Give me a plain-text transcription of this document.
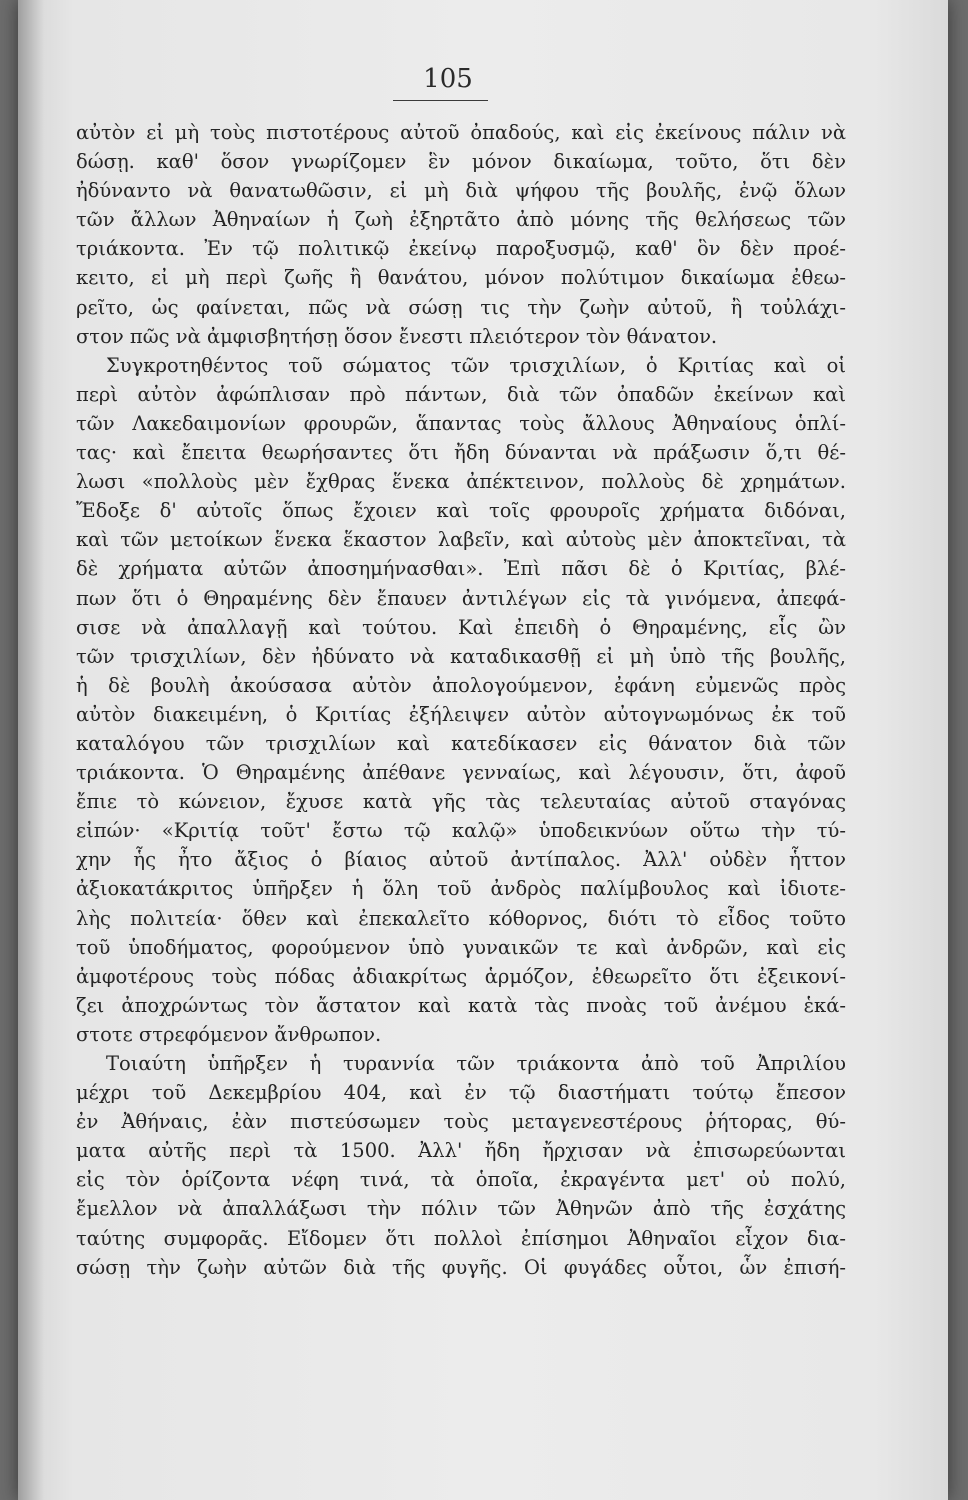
105
αὐτὸν εἰ μὴ τοὺς πιστοτέρους αὐτοῦ ὀπαδούς, καὶ εἰς ἐκείνους πάλιν νὰ
δώσῃ. καθ' ὅσον γνωρίζομεν ἓν μόνον δικαίωμα, τοῦτο, ὅτι δὲν
ἠδύναντο νὰ θανατωθῶσιν, εἰ μὴ διὰ ψήφου τῆς βουλῆς, ἐνῷ ὅλων
τῶν ἄλλων Ἀθηναίων ἡ ζωὴ ἐξηρτᾶτο ἀπὸ μόνης τῆς θελήσεως τῶν
τριάκοντα. Ἐν τῷ πολιτικῷ ἐκείνῳ παροξυσμῷ, καθ' ὃν δὲν προέ-
κειτο, εἰ μὴ περὶ ζωῆς ἢ θανάτου, μόνον πολύτιμον δικαίωμα ἐθεω-
ρεῖτο, ὡς φαίνεται, πῶς νὰ σώσῃ τις τὴν ζωὴν αὐτοῦ, ἢ τοὐλάχι-
στον πῶς νὰ ἀμφισβητήσῃ ὅσον ἔνεστι πλειότερον τὸν θάνατον.
Συγκροτηθέντος τοῦ σώματος τῶν τρισχιλίων, ὁ Κριτίας καὶ οἱ
περὶ αὐτὸν ἀφώπλισαν πρὸ πάντων, διὰ τῶν ὀπαδῶν ἐκείνων καὶ
τῶν Λακεδαιμονίων φρουρῶν, ἅπαντας τοὺς ἄλλους Ἀθηναίους ὁπλί-
τας· καὶ ἔπειτα θεωρήσαντες ὅτι ἤδη δύνανται νὰ πράξωσιν ὅ,τι θέ-
λωσι «πολλοὺς μὲν ἔχθρας ἕνεκα ἀπέκτεινον, πολλοὺς δὲ χρημάτων.
Ἔδοξε δ' αὐτοῖς ὅπως ἔχοιεν καὶ τοῖς φρουροῖς χρήματα διδόναι,
καὶ τῶν μετοίκων ἕνεκα ἕκαστον λαβεῖν, καὶ αὐτοὺς μὲν ἀποκτεῖναι, τὰ
δὲ χρήματα αὐτῶν ἀποσημήνασθαι». Ἐπὶ πᾶσι δὲ ὁ Κριτίας, βλέ-
πων ὅτι ὁ Θηραμένης δὲν ἔπαυεν ἀντιλέγων εἰς τὰ γινόμενα, ἀπεφά-
σισε νὰ ἀπαλλαγῇ καὶ τούτου. Καὶ ἐπειδὴ ὁ Θηραμένης, εἷς ὢν
τῶν τρισχιλίων, δὲν ἠδύνατο νὰ καταδικασθῇ εἰ μὴ ὑπὸ τῆς βουλῆς,
ἡ δὲ βουλὴ ἀκούσασα αὐτὸν ἀπολογούμενον, ἐφάνη εὐμενῶς πρὸς
αὐτὸν διακειμένη, ὁ Κριτίας ἐξήλειψεν αὐτὸν αὐτογνωμόνως ἐκ τοῦ
καταλόγου τῶν τρισχιλίων καὶ κατεδίκασεν εἰς θάνατον διὰ τῶν
τριάκοντα. Ὁ Θηραμένης ἀπέθανε γενναίως, καὶ λέγουσιν, ὅτι, ἀφοῦ
ἔπιε τὸ κώνειον, ἔχυσε κατὰ γῆς τὰς τελευταίας αὐτοῦ σταγόνας
εἰπών· «Κριτίᾳ τοῦτ' ἔστω τῷ καλῷ» ὑποδεικνύων οὕτω τὴν τύ-
χην ἧς ἦτο ἄξιος ὁ βίαιος αὐτοῦ ἀντίπαλος. Ἀλλ' οὐδὲν ἧττον
ἀξιοκατάκριτος ὑπῆρξεν ἡ ὅλη τοῦ ἀνδρὸς παλίμβουλος καὶ ἰδιοτε-
λὴς πολιτεία· ὅθεν καὶ ἐπεκαλεῖτο κόθορνος, διότι τὸ εἶδος τοῦτο
τοῦ ὑποδήματος, φορούμενον ὑπὸ γυναικῶν τε καὶ ἀνδρῶν, καὶ εἰς
ἀμφοτέρους τοὺς πόδας ἀδιακρίτως ἁρμόζον, ἐθεωρεῖτο ὅτι ἐξεικονί-
ζει ἀποχρώντως τὸν ἄστατον καὶ κατὰ τὰς πνοὰς τοῦ ἀνέμου ἑκά-
στοτε στρεφόμενον ἄνθρωπον.
Τοιαύτη ὑπῆρξεν ἡ τυραννία τῶν τριάκοντα ἀπὸ τοῦ Ἀπριλίου
μέχρι τοῦ Δεκεμβρίου 404, καὶ ἐν τῷ διαστήματι τούτῳ ἔπεσον
ἐν Ἀθήναις, ἐὰν πιστεύσωμεν τοὺς μεταγενεστέρους ῥήτορας, θύ-
ματα αὐτῆς περὶ τὰ 1500. Ἀλλ' ἤδη ἤρχισαν νὰ ἐπισωρεύωνται
εἰς τὸν ὁρίζοντα νέφη τινά, τὰ ὁποῖα, ἐκραγέντα μετ' οὐ πολύ,
ἔμελλον νὰ ἀπαλλάξωσι τὴν πόλιν τῶν Ἀθηνῶν ἀπὸ τῆς ἐσχάτης
ταύτης συμφορᾶς. Εἴδομεν ὅτι πολλοὶ ἐπίσημοι Ἀθηναῖοι εἶχον δια-
σώσῃ τὴν ζωὴν αὐτῶν διὰ τῆς φυγῆς. Οἱ φυγάδες οὗτοι, ὧν ἐπισή-
